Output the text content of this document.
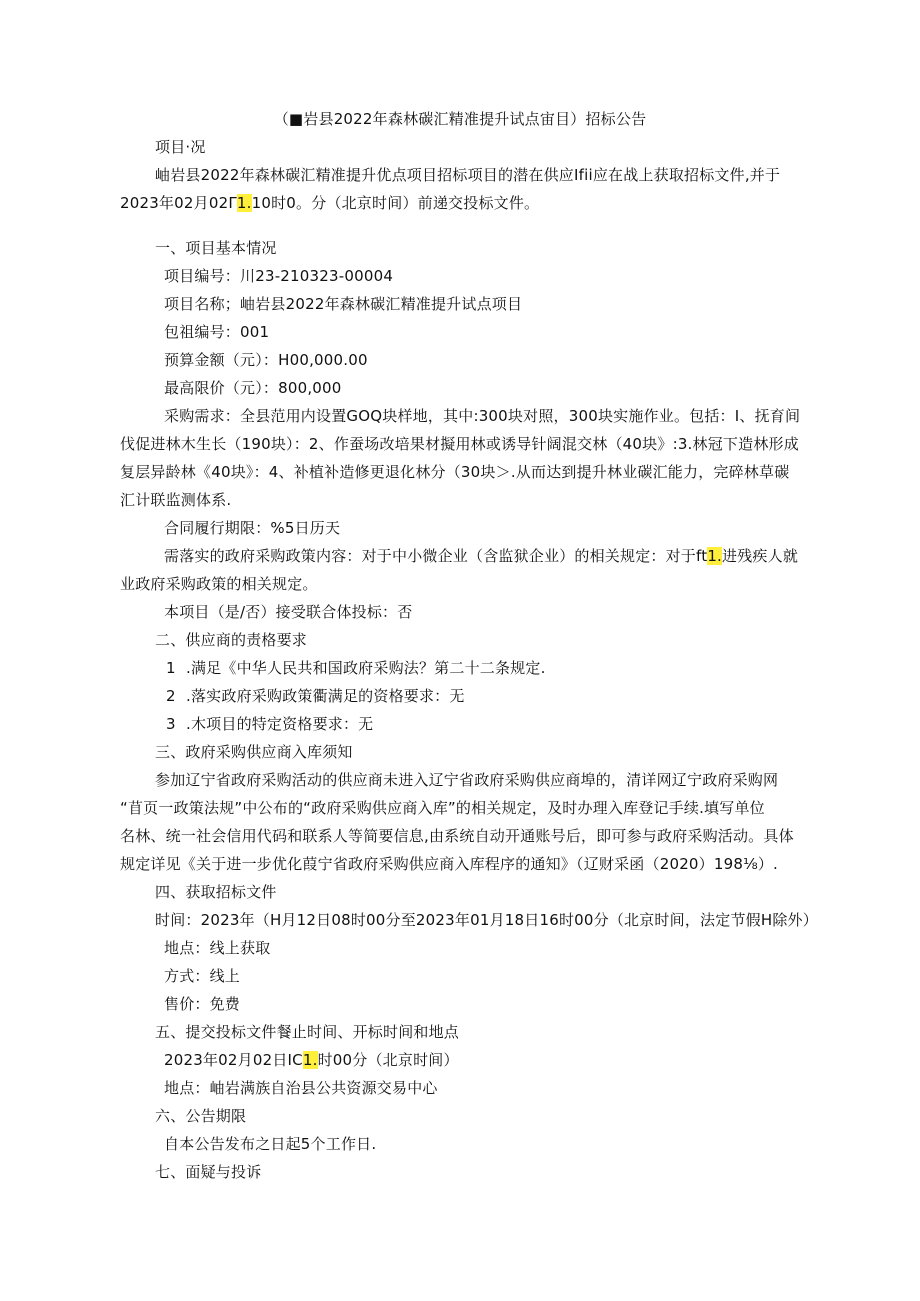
（■岩县2022年森林碳汇精准提升试点宙目）招标公告
项目·况
岫岩县2022年森林碳汇精准提升优点项目招标项目的潜在供应Ifii应在战上获取招标文件,并于
2023年02月02Γ1.10时0。分（北京时间）前递交投标文件。
一、项目基本情况
项目编号：川23-210323-00004
项目名称；岫岩县2022年森林碳汇精准提升试点项目
包祖编号：001
预算金额（元）：H00,000.00
最高限价（元）：800,000
采购需求：全县范用内设置GOQ块样地，其中:300块对照，300块实施作业。包括：I、抚育间
伐促进林木生长（190块）：2、作蚕场改培果材擬用林或诱导针阔混交林（40块》:3.林冠下造林形成
复层异龄林《40块》：4、补植补造修更退化林分（30块＞.从而达到提升林业碳汇能力，完碎林草碳
汇计联监测体系.
合同履行期限：%5日历天
需落实的政府采购政策内容：对于中小微企业（含监狱企业）的相关规定：对于ft1.进残疾人就
业政府采购政策的相关规定。
本项目（是/否）接受联合体投标：否
二、供应商的责格要求
1 .满足《中华人民共和国政府采购法？第二十二条规定.
2 .落实政府采购政策衢满足的资格要求：无
3 .木项目的特定资格要求：无
三、政府采购供应商入库须知
参加辽宁省政府采购活动的供应商未进入辽宁省政府采购供应商埠的，清详网辽宁政府采购网
“苜页一政策法规”中公布的“政府采购供应商入库”的相关规定，及时办理入库登记手续.填写单位
名林、统一社会信用代码和联系人等简要信息,由系统自动开通账号后，即可参与政府采购活动。具体
规定详见《关于进一步优化葭宁省政府采购供应商入库程序的通知》（辽财采函（2020）198⅛）.
四、获取招标文件
时间：2023年（H月12日08时00分至2023年01月18日16时00分（北京时间，法定节假H除外）
地点：线上获取
方式：线上
售价：免费
五、提交投标文件餐止时间、开标时间和地点
2023年02月02日IC1.时00分（北京时间）
地点：岫岩满族自治县公共资源交易中心
六、公告期限
自本公告发布之日起5个工作日.
七、面疑与投诉
